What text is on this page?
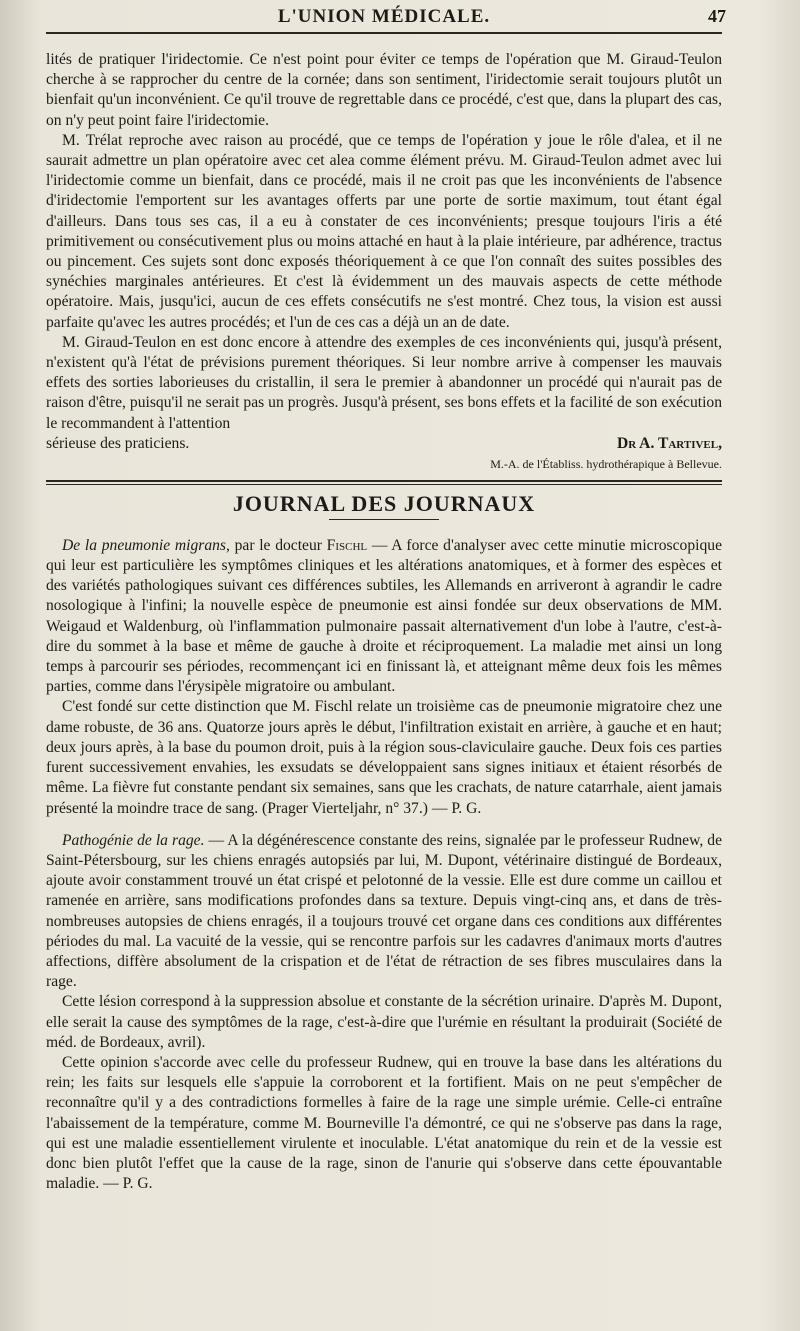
L'UNION MÉDICALE.	47

lités de pratiquer l'iridectomie. Ce n'est point pour éviter ce temps de l'opération que M. Giraud-Teulon cherche à se rapprocher du centre de la cornée; dans son sentiment, l'iridectomie serait toujours plutôt un bienfait qu'un inconvénient. Ce qu'il trouve de regrettable dans ce procédé, c'est que, dans la plupart des cas, on n'y peut point faire l'iridectomie.

M. Trélat reproche avec raison au procédé, que ce temps de l'opération y joue le rôle d'alea, et il ne saurait admettre un plan opératoire avec cet alea comme élément prévu. M. Giraud-Teulon admet avec lui l'iridectomie comme un bienfait, dans ce procédé, mais il ne croit pas que les inconvénients de l'absence d'iridectomie l'emportent sur les avantages offerts par une porte de sortie maximum, tout étant égal d'ailleurs. Dans tous ses cas, il a eu à constater de ces inconvénients; presque toujours l'iris a été primitivement ou consécutivement plus ou moins attaché en haut à la plaie intérieure, par adhérence, tractus ou pincement. Ces sujets sont donc exposés théoriquement à ce que l'on connaît des suites possibles des synéchies marginales antérieures. Et c'est là évidemment un des mauvais aspects de cette méthode opératoire. Mais, jusqu'ici, aucun de ces effets consécutifs ne s'est montré. Chez tous, la vision est aussi parfaite qu'avec les autres procédés; et l'un de ces cas a déjà un an de date.

M. Giraud-Teulon en est donc encore à attendre des exemples de ces inconvénients qui, jusqu'à présent, n'existent qu'à l'état de prévisions purement théoriques. Si leur nombre arrive à compenser les mauvais effets des sorties laborieuses du cristallin, il sera le premier à abandonner un procédé qui n'aurait pas de raison d'être, puisqu'il ne serait pas un progrès. Jusqu'à présent, ses bons effets et la facilité de son exécution le recommandent à l'attention

sérieuse des praticiens.	Dr A. Tartivel,
M.-A. de l'Établiss. hydrothérapique à Bellevue.
JOURNAL DES JOURNAUX

De la pneumonie migrans, par le docteur Fischl — A force d'analyser avec cette minutie microscopique qui leur est particulière les symptômes cliniques et les altérations anatomiques, et à former des espèces et des variétés pathologiques suivant ces différences subtiles, les Allemands en arriveront à agrandir le cadre nosologique à l'infini; la nouvelle espèce de pneumonie est ainsi fondée sur deux observations de MM. Weigaud et Waldenburg, où l'inflammation pulmonaire passait alternativement d'un lobe à l'autre, c'est-à-dire du sommet à la base et même de gauche à droite et réciproquement. La maladie met ainsi un long temps à parcourir ses périodes, recommençant ici en finissant là, et atteignant même deux fois les mêmes parties, comme dans l'érysipèle migratoire ou ambulant.

C'est fondé sur cette distinction que M. Fischl relate un troisième cas de pneumonie migratoire chez une dame robuste, de 36 ans. Quatorze jours après le début, l'infiltration existait en arrière, à gauche et en haut; deux jours après, à la base du poumon droit, puis à la région sous-claviculaire gauche. Deux fois ces parties furent successivement envahies, les exsudats se développaient sans signes initiaux et étaient résorbés de même. La fièvre fut constante pendant six semaines, sans que les crachats, de nature catarrhale, aient jamais présenté la moindre trace de sang. (Prager Vierteljahr, n° 37.) — P. G.

Pathogénie de la rage. — A la dégénérescence constante des reins, signalée par le professeur Rudnew, de Saint-Pétersbourg, sur les chiens enragés autopsiés par lui, M. Dupont, vétérinaire distingué de Bordeaux, ajoute avoir constamment trouvé un état crispé et pelotonné de la vessie. Elle est dure comme un caillou et ramenée en arrière, sans modifications profondes dans sa texture. Depuis vingt-cinq ans, et dans de très-nombreuses autopsies de chiens enragés, il a toujours trouvé cet organe dans ces conditions aux différentes périodes du mal. La vacuité de la vessie, qui se rencontre parfois sur les cadavres d'animaux morts d'autres affections, diffère absolument de la crispation et de l'état de rétraction de ses fibres musculaires dans la rage.

Cette lésion correspond à la suppression absolue et constante de la sécrétion urinaire. D'après M. Dupont, elle serait la cause des symptômes de la rage, c'est-à-dire que l'urémie en résultant la produirait (Société de méd. de Bordeaux, avril).

Cette opinion s'accorde avec celle du professeur Rudnew, qui en trouve la base dans les altérations du rein; les faits sur lesquels elle s'appuie la corroborent et la fortifient. Mais on ne peut s'empêcher de reconnaître qu'il y a des contradictions formelles à faire de la rage une simple urémie. Celle-ci entraîne l'abaissement de la température, comme M. Bourneville l'a démontré, ce qui ne s'observe pas dans la rage, qui est une maladie essentiellement virulente et inoculable. L'état anatomique du rein et de la vessie est donc bien plutôt l'effet que la cause de la rage, sinon de l'anurie qui s'observe dans cette épouvantable maladie. — P. G.
